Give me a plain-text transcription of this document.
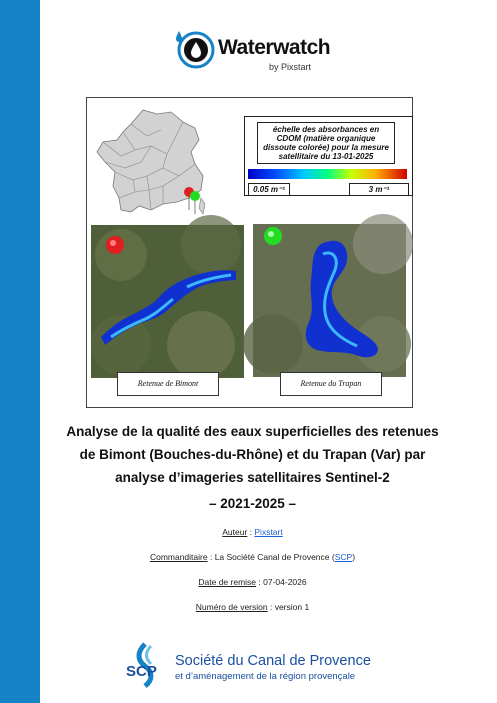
Waterwatch
by Pixstart
échelle des absorbances en CDOM (matière organique dissoute colorée) pour la mesure satellitaire du 13-01-2025
0.05 m⁻¹	3 m⁻¹
Retenue de Bimont	Retenue du Trapan
Analyse de la qualité des eaux superficielles des retenues
de Bimont (Bouches-du-Rhône) et du Trapan (Var) par
analyse d’imageries satellitaires Sentinel-2
– 2021-2025 –
Auteur : Pixstart
Commanditaire : La Société Canal de Provence (SCP)
Date de remise : 07-04-2026
Numéro de version : version 1
SCP
Société du Canal de Provence
et d’aménagement de la région provençale
